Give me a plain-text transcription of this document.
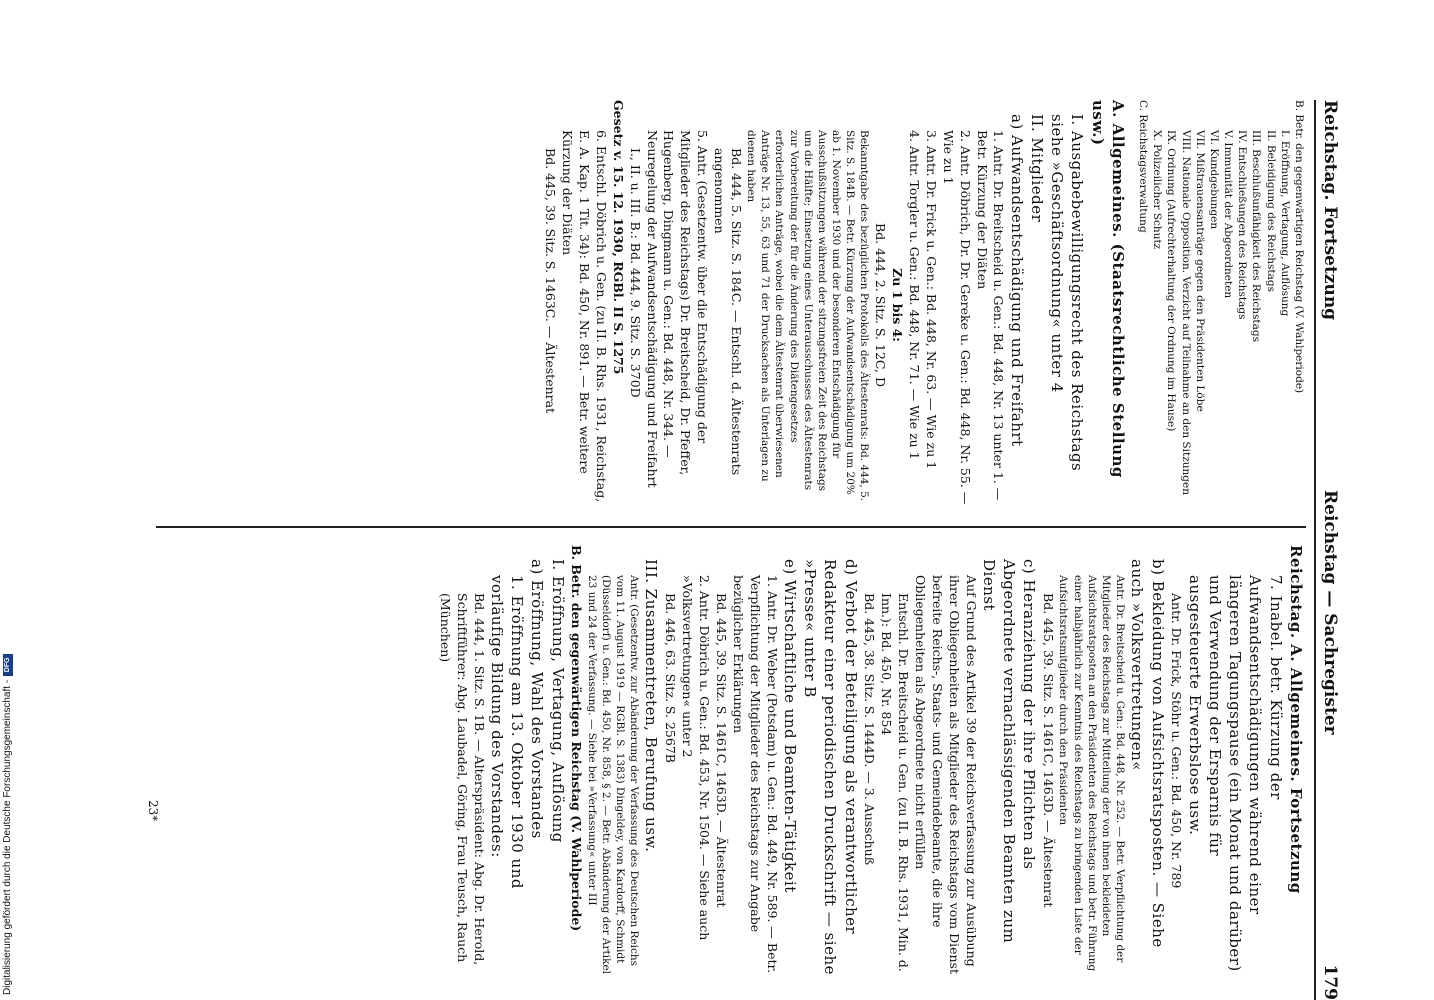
Reichstag. Fortsetzung
Reichstag — Sachregister
179

B. Betr. den gegenwärtigen Reichstag (V. Wahlperiode)

I. Eröffnung, Vertagung, Auflösung

II. Beleidigung des Reichstags

III. Beschlußunfähigkeit des Reichstags

IV. Entschließungen des Reichstags

V. Immunität der Abgeordneten

VI. Kundgebungen

VII. Mißtrauensanträge gegen den Präsidenten Löbe

VIII. Nationale Opposition. Verzicht auf Teilnahme an den Sitzungen

IX. Ordnung (Aufrechterhaltung der Ordnung im Hause)

X. Polizeilicher Schutz

C. Reichstagsverwaltung

A. Allgemeines. (Staatsrechtliche Stellung usw.)

I. Ausgabebewilligungsrecht des Reichstags siehe »Geschäftsordnung« unter 4

II. Mitglieder

a) Aufwandsentschädigung und Freifahrt

1. Antr. Dr. Breitscheid u. Gen.: Bd. 448, Nr. 13 unter 1. — Betr. Kürzung der Diäten

2. Antr. Döbrich, Dr. Dr. Gereke u. Gen.: Bd. 448, Nr. 55. — Wie zu 1

3. Antr. Dr. Frick u. Gen.: Bd. 448, Nr. 63. — Wie zu 1

4. Antr. Torgler u. Gen.: Bd. 448, Nr. 71. — Wie zu 1

Zu 1 bis 4:

Bd. 444, 2. Sitz. S. 12C, D

Bekanntgabe des bezüglichen Protokolls des Ältestenrats: Bd. 444, 5. Sitz. S. 184B. — Betr. Kürzung der Aufwandsentschädigung um 20% ab 1. November 1930 und der besonderen Entschädigung für Ausschußsitzungen während der sitzungsfreien Zeit des Reichstags um die Hälfte; Einsetzung eines Unterausschusses des Ältestenrats zur Vorbereitung der für die Änderung des Diätengesetzes erforderlichen Anträge, wobei die dem Ältestenrat überwiesenen Anträge Nr. 13, 55, 63 und 71 der Drucksachen als Unterlagen zu dienen haben

Bd. 444, 5. Sitz. S. 184C. — Entschl. d. Ältestenrats angenommen

5. Antr. (Gesetzentw. über die Entschädigung der Mitglieder des Reichstags) Dr. Breitscheid, Dr. Pfeffer, Hugenberg, Dingmann u. Gen.: Bd. 448, Nr. 344. — Neuregelung der Aufwandsentschädigung und Freifahrt

I., II. u. III. B.: Bd. 444, 9. Sitz. S. 370D

Gesetz v. 15. 12. 1930, RGBl. II S. 1275

6. Entschl. Döbrich u. Gen. (zu II. B. Rhs. 1931, Reichstag, E. A. Kap. 1 Tit. 34): Bd. 450, Nr. 891. — Betr. weitere Kürzung der Diäten

Bd. 445, 39. Sitz. S. 1463C. — Ältestenrat

Reichstag. A. Allgemeines. Fortsetzung

7. Inabel. betr. Kürzung der Aufwandsentschädigungen während einer längeren Tagungspause (ein Monat und darüber) und Verwendung der Ersparnis für ausgesteuerte Erwerbslose usw.

Antr. Dr. Frick, Stöhr u. Gen.: Bd. 450, Nr. 789

b) Bekleidung von Aufsichtsratsposten. — Siehe auch »Volksvertretungen«

Antr. Dr. Breitscheid u. Gen.: Bd. 448, Nr. 252. — Betr. Verpflichtung der Mitglieder des Reichstags zur Mitteilung der von ihnen bekleideten Aufsichtsratsposten an den Präsidenten des Reichstags und betr. Führung einer halbjährlich zur Kenntnis des Reichstags zu bringenden Liste der Aufsichtsratsmitglieder durch den Präsidenten

Bd. 445, 39. Sitz. S. 1461C, 1463D. — Ältestenrat

c) Heranziehung der ihre Pflichten als Abgeordnete vernachlässigenden Beamten zum Dienst

Auf Grund des Artikel 39 der Reichsverfassung zur Ausübung ihrer Obliegenheiten als Mitglieder des Reichstags vom Dienst befreite Reichs-, Staats- und Gemeindebeamte, die ihre Obliegenheiten als Abgeordnete nicht erfüllen

Entschl. Dr. Breitscheid u. Gen. (zu II. B. Rhs. 1931, Min. d. Inn.): Bd. 450, Nr. 854

Bd. 445, 38. Sitz. S. 1444D. — 3. Ausschuß

d) Verbot der Beteiligung als verantwortlicher Redakteur einer periodischen Druckschrift — siehe »Presse« unter B

e) Wirtschaftliche und Beamten-Tätigkeit

1. Antr. Dr. Weber (Potsdam) u. Gen.: Bd. 449, Nr. 589. — Betr. Verpflichtung der Mitglieder des Reichstags zur Angabe bezüglicher Erklärungen

Bd. 445, 39. Sitz. S. 1461C, 1463D. — Ältestenrat

2. Antr. Döbrich u. Gen.: Bd. 453, Nr. 1504. — Siehe auch »Volksvertretungen« unter 2

Bd. 446, 63. Sitz. S. 2567B

III. Zusammentreten, Berufung usw.

Antr. (Gesetzentw. zur Abänderung der Verfassung des Deutschen Reichs vom 11. August 1919 — RGBl. S. 1383) Dingeldey, von Kardorff, Schmidt (Düsseldorf) u. Gen.: Bd. 450, Nr. 858, § 2. — Betr. Abänderung der Artikel 23 und 24 der Verfassung. — Siehe bei »Verfassung« unter III

B. Betr. den gegenwärtigen Reichstag (V. Wahlperiode)

I. Eröffnung, Vertagung, Auflösung

a) Eröffnung, Wahl des Vorstandes

1. Eröffnung am 13. Oktober 1930 und vorläufige Bildung des Vorstandes:

Bd. 444, 1. Sitz. S. 1B. — Alterspräsident: Abg. Dr. Herold, Schriftführer: Abg. Laubadel, Göring, Frau Teusch, Rauch (München)

23*
Digitalisierung gefördert durch die Deutsche Forschungsgemeinschaft -
DFG
